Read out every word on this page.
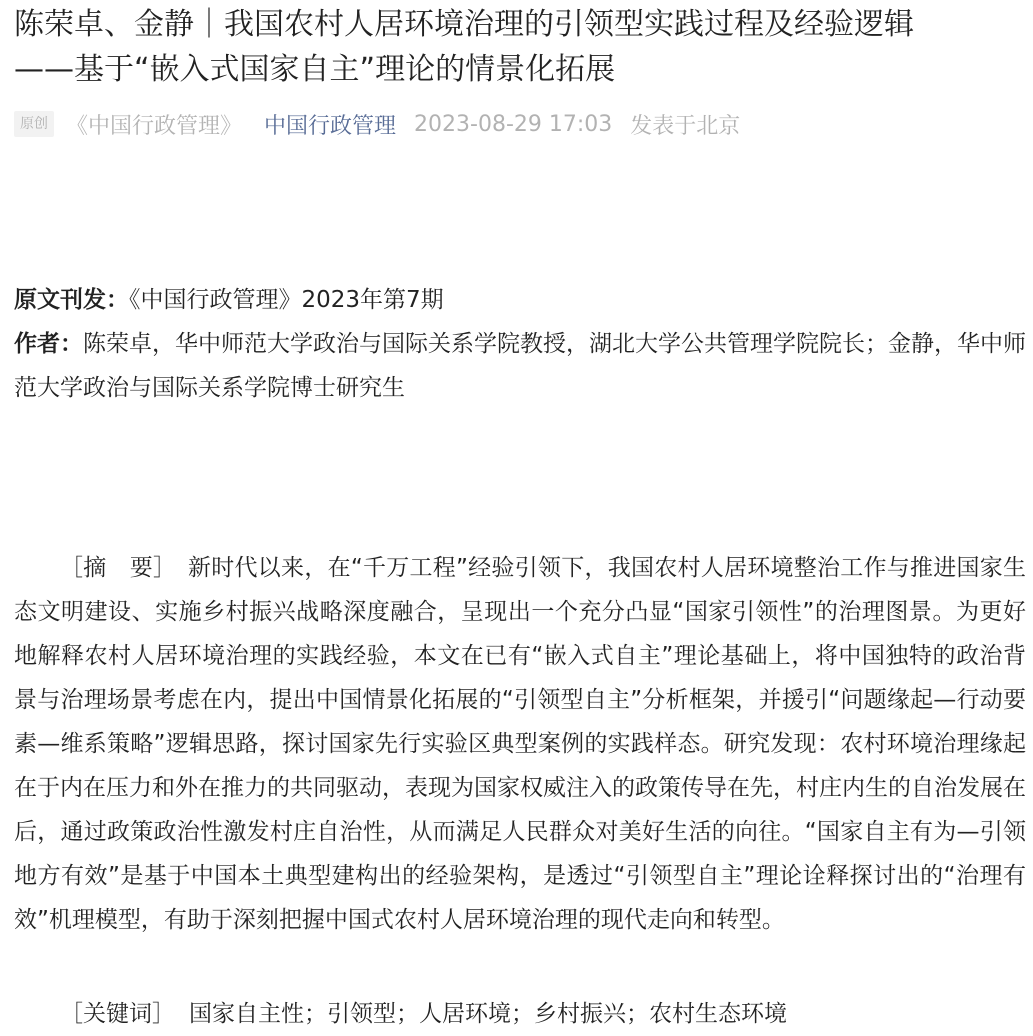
陈荣卓、金静｜我国农村人居环境治理的引领型实践过程及经验逻辑
——基于“嵌入式国家自主”理论的情景化拓展
原创 《中国行政管理》 中国行政管理 2023-08-29 17:03 发表于北京

原文刊发：《中国行政管理》2023年第7期

作者：陈荣卓，华中师范大学政治与国际关系学院教授，湖北大学公共管理学院院长；金静，华中师范大学政治与国际关系学院博士研究生

［摘　要］　 新时代以来，在“千万工程”经验引领下，我国农村人居环境整治工作与推进国家生态文明建设、实施乡村振兴战略深度融合，呈现出一个充分凸显“国家引领性”的治理图景。为更好地解释农村人居环境治理的实践经验，本文在已有“嵌入式自主”理论基础上，将中国独特的政治背景与治理场景考虑在内，提出中国情景化拓展的“引领型自主”分析框架，并援引“问题缘起—行动要素—维系策略”逻辑思路，探讨国家先行实验区典型案例的实践样态。研究发现：农村环境治理缘起在于内在压力和外在推力的共同驱动，表现为国家权威注入的政策传导在先，村庄内生的自治发展在后，通过政策政治性激发村庄自治性，从而满足人民群众对美好生活的向往。“国家自主有为—引领地方有效”是基于中国本土典型建构出的经验架构，是透过“引领型自主”理论诠释探讨出的“治理有效”机理模型，有助于深刻把握中国式农村人居环境治理的现代走向和转型。

［关键词］ 国家自主性；引领型；人居环境；乡村振兴；农村生态环境
